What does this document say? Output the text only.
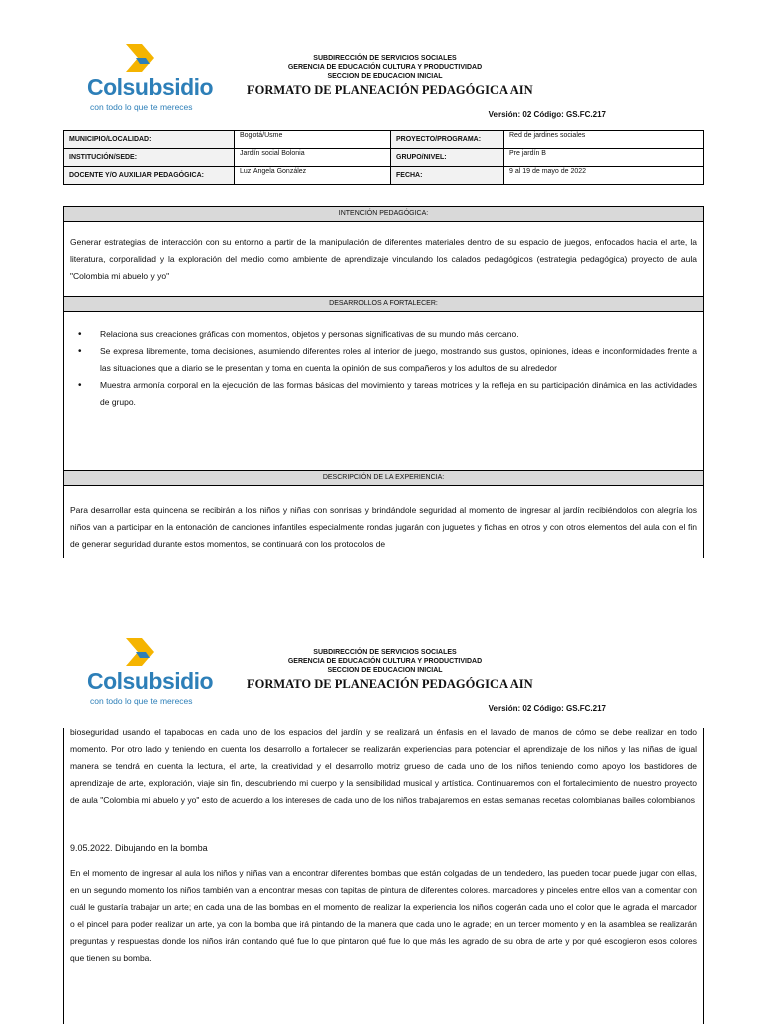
Colsubsidio
con todo lo que te mereces
SUBDIRECCIÓN DE SERVICIOS SOCIALES
GERENCIA DE EDUCACIÓN CULTURA Y PRODUCTIVIDAD
SECCION DE EDUCACION INICIAL
FORMATO DE PLANEACIÓN PEDAGÓGICA AIN
Versión: 02 Código: GS.FC.217
MUNICIPIO/LOCALIDAD:	Bogotá/Usme	PROYECTO/PROGRAMA:	Red de jardines sociales
INSTITUCIÓN/SEDE:	Jardín social Bolonia	GRUPO/NIVEL:	Pre jardín B
DOCENTE Y/O AUXILIAR PEDAGÓGICA:	Luz Angela González	FECHA:	9 al 19 de mayo de 2022
INTENCIÓN PEDAGÓGICA:
Generar estrategias de interacción con su entorno a partir de la manipulación de diferentes materiales dentro de su espacio de juegos, enfocados hacia el arte, la literatura, corporalidad y la exploración del medio como ambiente de aprendizaje vinculando los calados pedagógicos (estrategia pedagógica) proyecto de aula "Colombia mi abuelo y yo"
DESARROLLOS A FORTALECER:
• Relaciona sus creaciones gráficas con momentos, objetos y personas significativas de su mundo más cercano.
• Se expresa libremente, toma decisiones, asumiendo diferentes roles al interior de juego, mostrando sus gustos, opiniones, ideas e inconformidades frente a las situaciones que a diario se le presentan y toma en cuenta la opinión de sus compañeros y los adultos de su alrededor
• Muestra armonía corporal en la ejecución de las formas básicas del movimiento y tareas motrices y la refleja en su participación dinámica en las actividades de grupo.
DESCRIPCIÓN DE LA EXPERIENCIA:
Para desarrollar esta quincena se recibirán a los niños y niñas con sonrisas y brindándole seguridad al momento de ingresar al jardín recibiéndolos con alegría los niños van a participar en la entonación de canciones infantiles especialmente rondas jugarán con juguetes y fichas en otros y con otros elementos del aula con el fin de generar seguridad durante estos momentos, se continuará con los protocolos de
Colsubsidio
con todo lo que te mereces
SUBDIRECCIÓN DE SERVICIOS SOCIALES
GERENCIA DE EDUCACIÓN CULTURA Y PRODUCTIVIDAD
SECCION DE EDUCACION INICIAL
FORMATO DE PLANEACIÓN PEDAGÓGICA AIN
Versión: 02 Código: GS.FC.217
bioseguridad usando el tapabocas en cada uno de los espacios del jardín y se realizará un énfasis en el lavado de manos de cómo se debe realizar en todo momento. Por otro lado y teniendo en cuenta los desarrollo a fortalecer se realizarán experiencias para potenciar el aprendizaje de los niños y las niñas de igual manera se tendrá en cuenta la lectura, el arte, la creatividad y el desarrollo motriz grueso de cada uno de los niños teniendo como apoyo los bastidores de aprendizaje de arte, exploración, viaje sin fin, descubriendo mi cuerpo y la sensibilidad musical y artística. Continuaremos con el fortalecimiento de nuestro proyecto de aula "Colombia mi abuelo y yo" esto de acuerdo a los intereses de cada uno de los niños trabajaremos en estas semanas recetas colombianas bailes colombianos
9.05.2022. Dibujando en la bomba
En el momento de ingresar al aula los niños y niñas van a encontrar diferentes bombas que están colgadas de un tendedero, las pueden tocar puede jugar con ellas, en un segundo momento los niños también van a encontrar mesas con tapitas de pintura de diferentes colores. marcadores y pinceles entre ellos van a comentar con cuál le gustaría trabajar un arte; en cada una de las bombas en el momento de realizar la experiencia los niños cogerán cada uno el color que le agrada el marcador o el pincel para poder realizar un arte, ya con la bomba que irá pintando de la manera que cada uno le agrade; en un tercer momento y en la asamblea se realizarán preguntas y respuestas donde los niños irán contando qué fue lo que pintaron qué fue lo que más les agrado de su obra de arte y por qué escogieron esos colores que tienen su bomba.
